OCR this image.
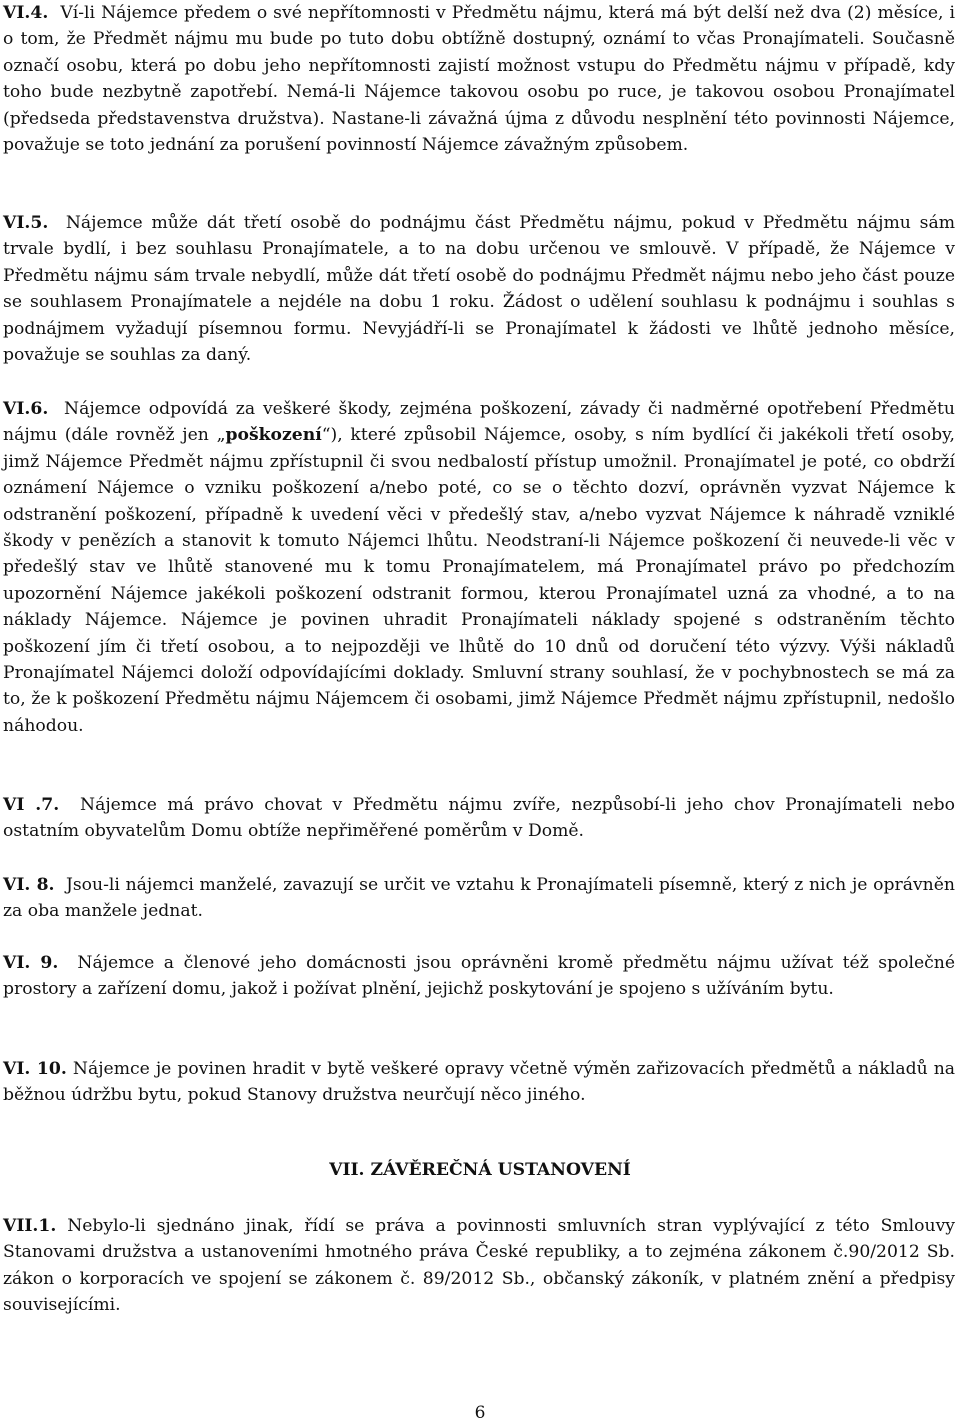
VI.4. Ví-li Nájemce předem o své nepřítomnosti v Předmětu nájmu, která má být delší než dva (2) měsíce, i o tom, že Předmět nájmu mu bude po tuto dobu obtížně dostupný, oznámí to včas Pronajímateli. Současně označí osobu, která po dobu jeho nepřítomnosti zajistí možnost vstupu do Předmětu nájmu v případě, kdy toho bude nezbytně zapotřebí. Nemá-li Nájemce takovou osobu po ruce, je takovou osobou Pronajímatel (předseda představenstva družstva). Nastane-li závažná újma z důvodu nesplnění této povinnosti Nájemce, považuje se toto jednání za porušení povinností Nájemce závažným způsobem.

VI.5. Nájemce může dát třetí osobě do podnájmu část Předmětu nájmu, pokud v Předmětu nájmu sám trvale bydlí, i bez souhlasu Pronajímatele, a to na dobu určenou ve smlouvě. V případě, že Nájemce v Předmětu nájmu sám trvale nebydlí, může dát třetí osobě do podnájmu Předmět nájmu nebo jeho část pouze se souhlasem Pronajímatele a nejdéle na dobu 1 roku. Žádost o udělení souhlasu k podnájmu i souhlas s podnájmem vyžadují písemnou formu. Nevyjádří-li se Pronajímatel k žádosti ve lhůtě jednoho měsíce, považuje se souhlas za daný.

VI.6. Nájemce odpovídá za veškeré škody, zejména poškození, závady či nadměrné opotřebení Předmětu nájmu (dále rovněž jen „poškození“), které způsobil Nájemce, osoby, s ním bydlící či jakékoli třetí osoby, jimž Nájemce Předmět nájmu zpřístupnil či svou nedbalostí přístup umožnil. Pronajímatel je poté, co obdrží oznámení Nájemce o vzniku poškození a/nebo poté, co se o těchto dozví, oprávněn vyzvat Nájemce k odstranění poškození, případně k uvedení věci v předešlý stav, a/nebo vyzvat Nájemce k náhradě vzniklé škody v penězích a stanovit k tomuto Nájemci lhůtu. Neodstraní-li Nájemce poškození či neuvede-li věc v předešlý stav ve lhůtě stanovené mu k tomu Pronajímatelem, má Pronajímatel právo po předchozím upozornění Nájemce jakékoli poškození odstranit formou, kterou Pronajímatel uzná za vhodné, a to na náklady Nájemce. Nájemce je povinen uhradit Pronajímateli náklady spojené s odstraněním těchto poškození jím či třetí osobou, a to nejpozději ve lhůtě do 10 dnů od doručení této výzvy. Výši nákladů Pronajímatel Nájemci doloží odpovídajícími doklady. Smluvní strany souhlasí, že v pochybnostech se má za to, že k poškození Předmětu nájmu Nájemcem či osobami, jimž Nájemce Předmět nájmu zpřístupnil, nedošlo náhodou.

VI .7. Nájemce má právo chovat v Předmětu nájmu zvíře, nezpůsobí-li jeho chov Pronajímateli nebo ostatním obyvatelům Domu obtíže nepřiměřené poměrům v Domě.

VI. 8. Jsou-li nájemci manželé, zavazují se určit ve vztahu k Pronajímateli písemně, který z nich je oprávněn za oba manžele jednat.

VI. 9. Nájemce a členové jeho domácnosti jsou oprávněni kromě předmětu nájmu užívat též společné prostory a zařízení domu, jakož i požívat plnění, jejichž poskytování je spojeno s užíváním bytu.

VI. 10. Nájemce je povinen hradit v bytě veškeré opravy včetně výměn zařizovacích předmětů a nákladů na běžnou údržbu bytu, pokud Stanovy družstva neurčují něco jiného.

VII. ZÁVĚREČNÁ USTANOVENÍ

VII.1. Nebylo-li sjednáno jinak, řídí se práva a povinnosti smluvních stran vyplývající z této Smlouvy Stanovami družstva a ustanoveními hmotného práva České republiky, a to zejména zákonem č.90/2012 Sb. zákon o korporacích ve spojení se zákonem č. 89/2012 Sb., občanský zákoník, v platném znění a předpisy souvisejícími.

6
